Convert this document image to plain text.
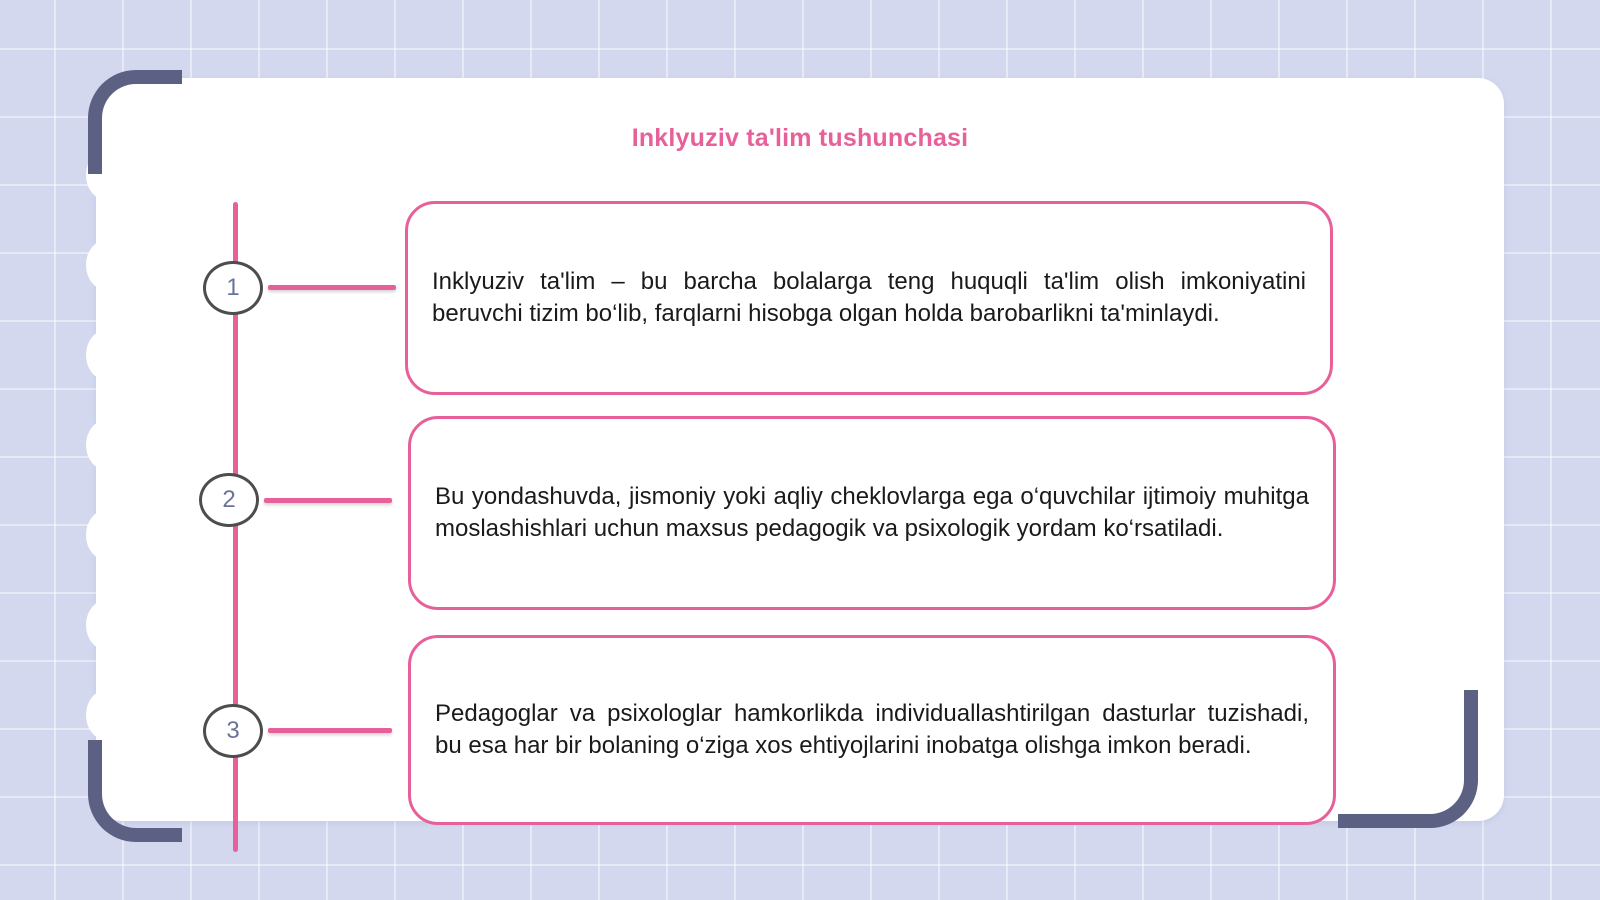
Inklyuziv ta'lim tushunchasi
1
2
3

Inklyuziv ta'lim – bu barcha bolalarga teng huquqli ta'lim olish imkoniyatini beruvchi tizim bo‘lib, farqlarni hisobga olgan holda barobarlikni ta'minlaydi.

Bu yondashuvda, jismoniy yoki aqliy cheklovlarga ega o‘quvchilar ijtimoiy muhitga moslashishlari uchun maxsus pedagogik va psixologik yordam ko‘rsatiladi.

Pedagoglar va psixologlar hamkorlikda individuallashtirilgan dasturlar tuzishadi, bu esa har bir bolaning o‘ziga xos ehtiyojlarini inobatga olishga imkon beradi.
